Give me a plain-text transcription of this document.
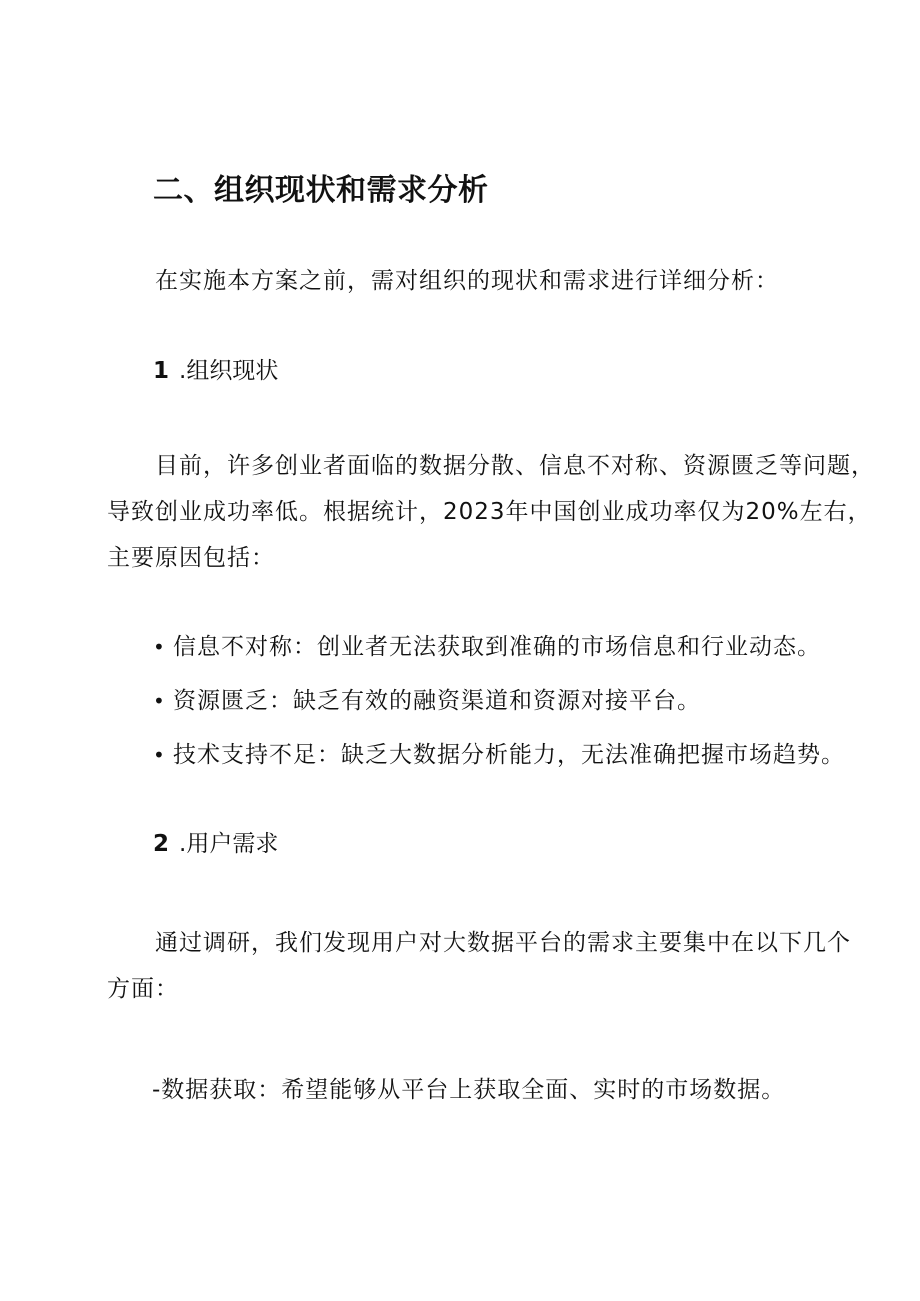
二、组织现状和需求分析

在实施本方案之前，需对组织的现状和需求进行详细分析：

1 .组织现状
目前，许多创业者面临的数据分散、信息不对称、资源匮乏等问题，
导致创业成功率低。根据统计，2023年中国创业成功率仅为20%左右，
主要原因包括：
• 信息不对称：创业者无法获取到准确的市场信息和行业动态。
• 资源匮乏：缺乏有效的融资渠道和资源对接平台。
• 技术支持不足：缺乏大数据分析能力，无法准确把握市场趋势。
2 .用户需求
通过调研，我们发现用户对大数据平台的需求主要集中在以下几个
方面：

-数据获取：希望能够从平台上获取全面、实时的市场数据。
